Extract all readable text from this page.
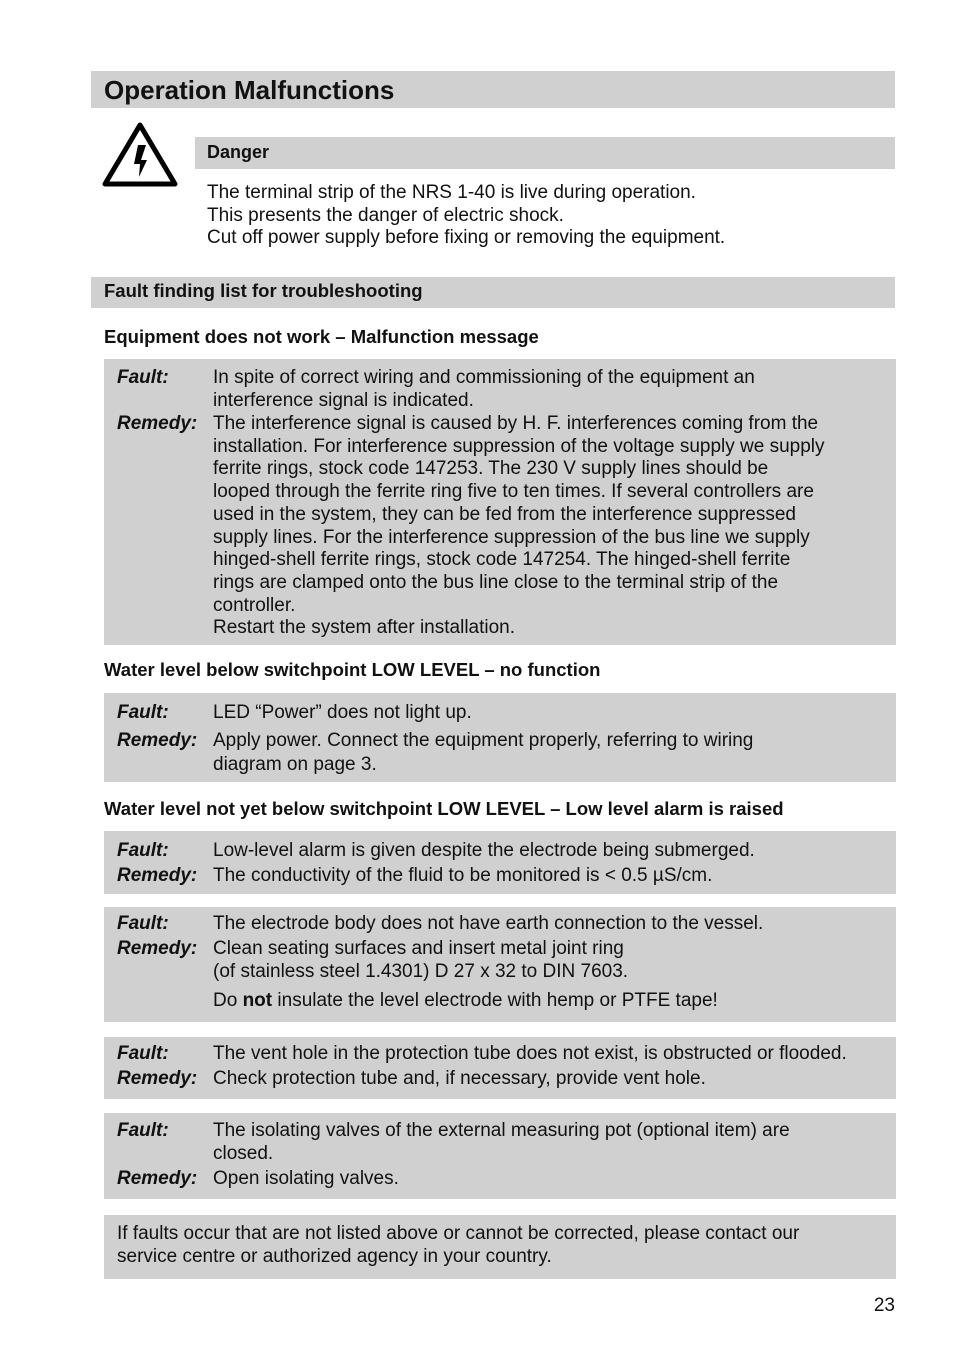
Operation Malfunctions
Danger
The terminal strip of the NRS 1-40 is live during operation.
This presents the danger of electric shock.
Cut off power supply before fixing or removing the equipment.
Fault finding list for troubleshooting
Equipment does not work – Malfunction message
Fault: In spite of correct wiring and commissioning of the equipment an
interference signal is indicated.
Remedy: The interference signal is caused by H. F. interferences coming from the
installation. For interference suppression of the voltage supply we supply
ferrite rings, stock code 147253. The 230 V supply lines should be
looped through the ferrite ring five to ten times. If several controllers are
used in the system, they can be fed from the interference suppressed
supply lines. For the interference suppression of the bus line we supply
hinged-shell ferrite rings, stock code 147254. The hinged-shell ferrite
rings are clamped onto the bus line close to the terminal strip of the
controller.
Restart the system after installation.
Water level below switchpoint LOW LEVEL – no function
Fault: LED “Power” does not light up.
Remedy: Apply power. Connect the equipment properly, referring to wiring
diagram on page 3.
Water level not yet below switchpoint LOW LEVEL – Low level alarm is raised
Fault: Low-level alarm is given despite the electrode being submerged.
Remedy: The conductivity of the fluid to be monitored is < 0.5 µS/cm.
Fault: The electrode body does not have earth connection to the vessel.
Remedy: Clean seating surfaces and insert metal joint ring
(of stainless steel 1.4301) D 27 x 32 to DIN 7603.
Do not insulate the level electrode with hemp or PTFE tape!
Fault: The vent hole in the protection tube does not exist, is obstructed or flooded.
Remedy: Check protection tube and, if necessary, provide vent hole.
Fault: The isolating valves of the external measuring pot (optional item) are
closed.
Remedy: Open isolating valves.
If faults occur that are not listed above or cannot be corrected, please contact our
service centre or authorized agency in your country.
23
